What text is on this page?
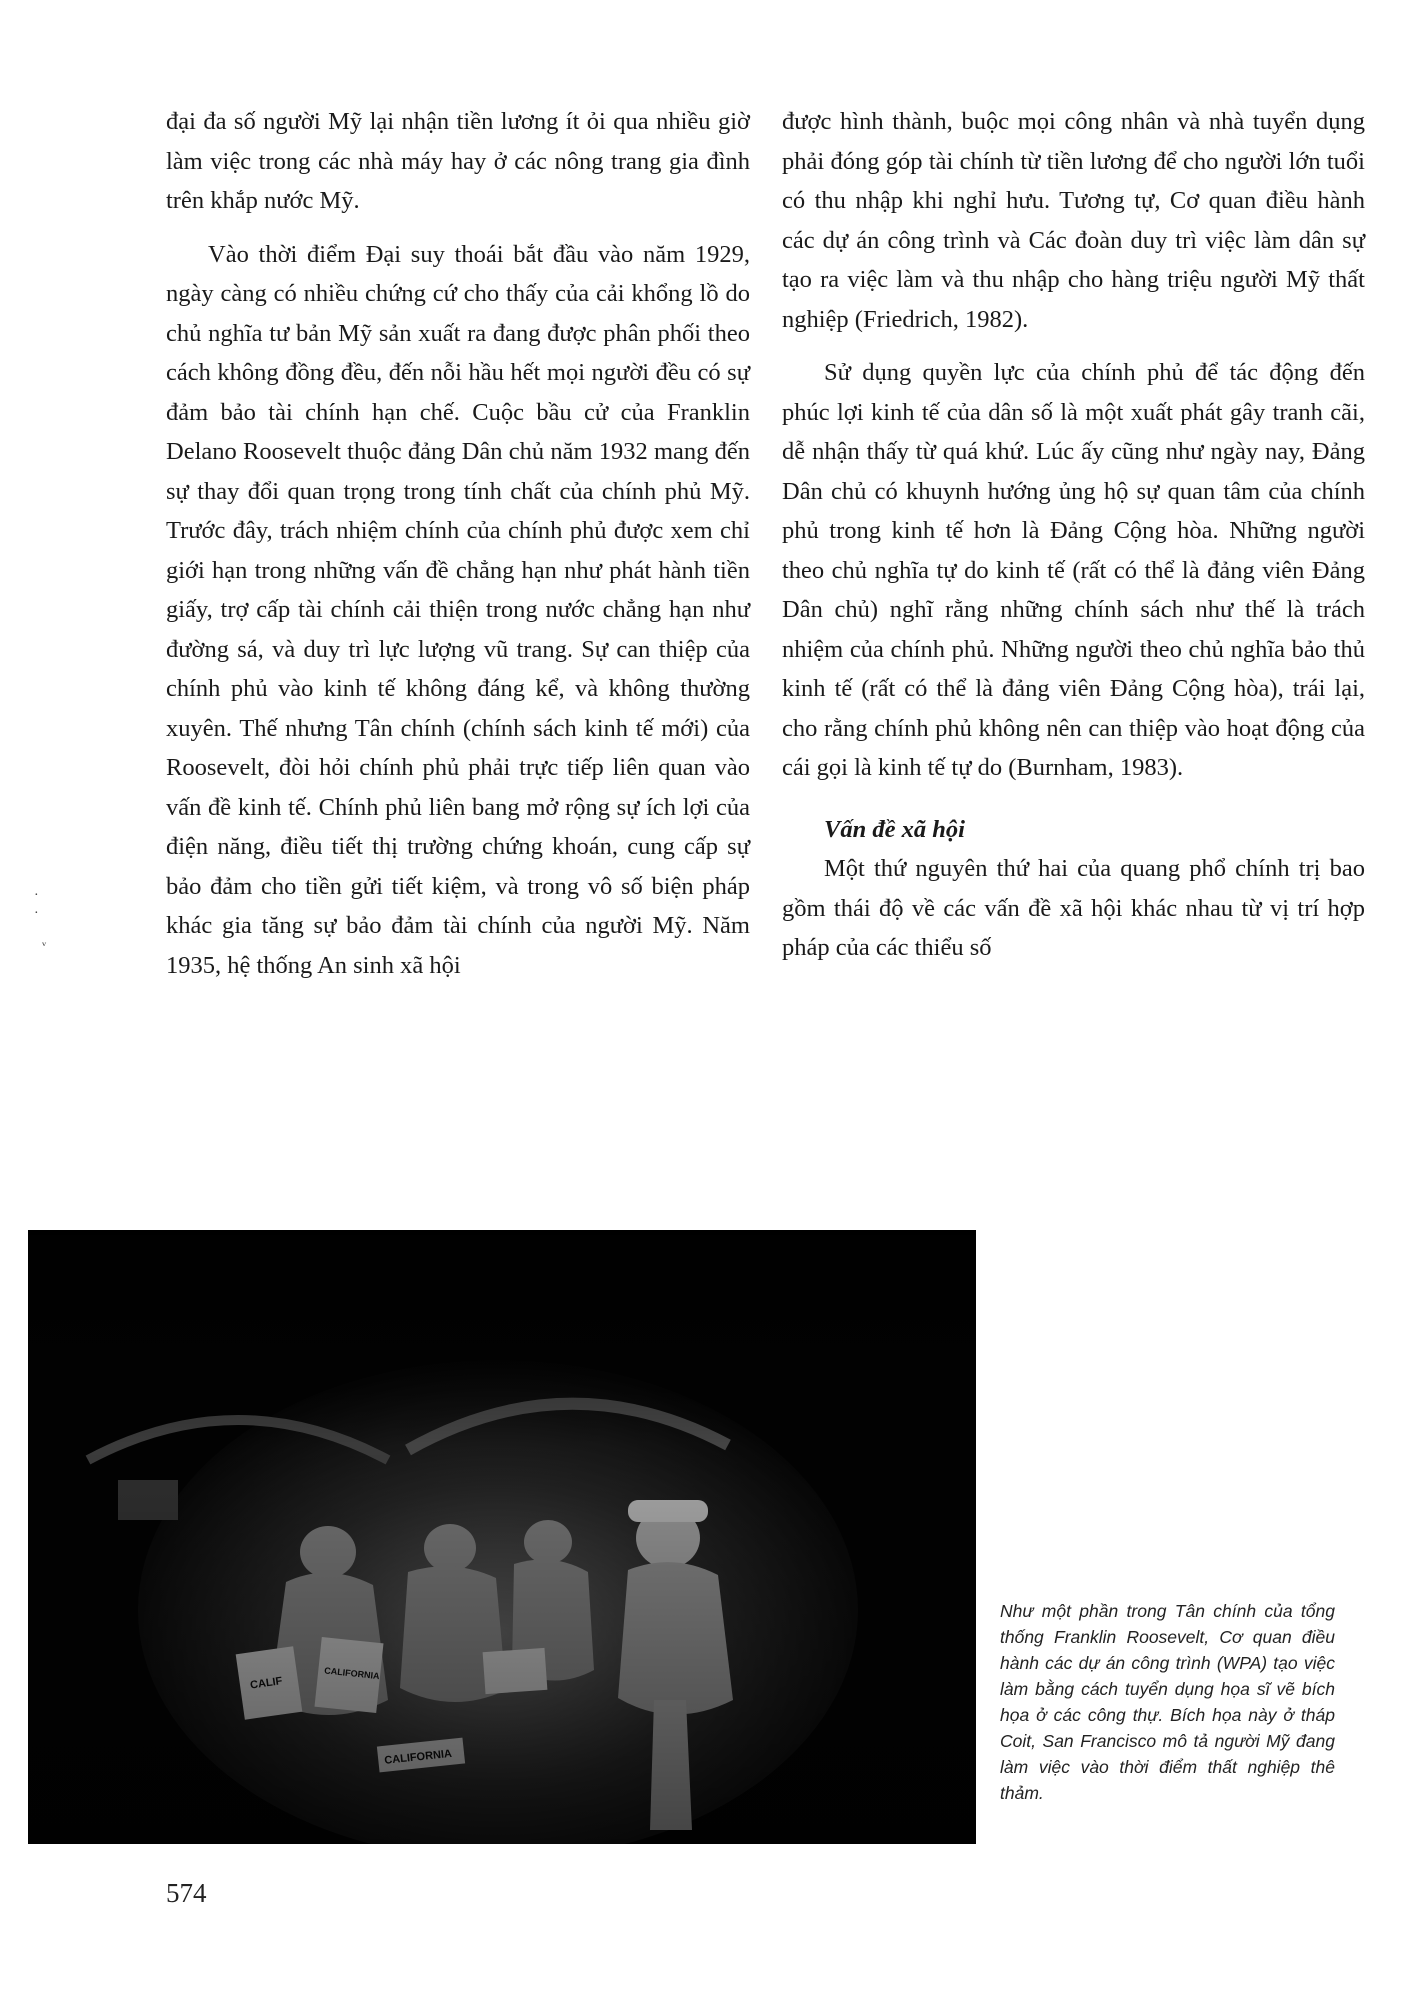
đại đa số người Mỹ lại nhận tiền lương ít ỏi qua nhiều giờ làm việc trong các nhà máy hay ở các nông trang gia đình trên khắp nước Mỹ.

Vào thời điểm Đại suy thoái bắt đầu vào năm 1929, ngày càng có nhiều chứng cứ cho thấy của cải khổng lồ do chủ nghĩa tư bản Mỹ sản xuất ra đang được phân phối theo cách không đồng đều, đến nỗi hầu hết mọi người đều có sự đảm bảo tài chính hạn chế. Cuộc bầu cử của Franklin Delano Roosevelt thuộc đảng Dân chủ năm 1932 mang đến sự thay đổi quan trọng trong tính chất của chính phủ Mỹ. Trước đây, trách nhiệm chính của chính phủ được xem chỉ giới hạn trong những vấn đề chẳng hạn như phát hành tiền giấy, trợ cấp tài chính cải thiện trong nước chẳng hạn như đường sá, và duy trì lực lượng vũ trang. Sự can thiệp của chính phủ vào kinh tế không đáng kể, và không thường xuyên. Thế nhưng Tân chính (chính sách kinh tế mới) của Roosevelt, đòi hỏi chính phủ phải trực tiếp liên quan vào vấn đề kinh tế. Chính phủ liên bang mở rộng sự ích lợi của điện năng, điều tiết thị trường chứng khoán, cung cấp sự bảo đảm cho tiền gửi tiết kiệm, và trong vô số biện pháp khác gia tăng sự bảo đảm tài chính của người Mỹ. Năm 1935, hệ thống An sinh xã hội

được hình thành, buộc mọi công nhân và nhà tuyển dụng phải đóng góp tài chính từ tiền lương để cho người lớn tuổi có thu nhập khi nghỉ hưu. Tương tự, Cơ quan điều hành các dự án công trình và Các đoàn duy trì việc làm dân sự tạo ra việc làm và thu nhập cho hàng triệu người Mỹ thất nghiệp (Friedrich, 1982).

Sử dụng quyền lực của chính phủ để tác động đến phúc lợi kinh tế của dân số là một xuất phát gây tranh cãi, dễ nhận thấy từ quá khứ. Lúc ấy cũng như ngày nay, Đảng Dân chủ có khuynh hướng ủng hộ sự quan tâm của chính phủ trong kinh tế hơn là Đảng Cộng hòa. Những người theo chủ nghĩa tự do kinh tế (rất có thể là đảng viên Đảng Dân chủ) nghĩ rằng những chính sách như thế là trách nhiệm của chính phủ. Những người theo chủ nghĩa bảo thủ kinh tế (rất có thể là đảng viên Đảng Cộng hòa), trái lại, cho rằng chính phủ không nên can thiệp vào hoạt động của cái gọi là kinh tế tự do (Burnham, 1983).

Vấn đề xã hội

Một thứ nguyên thứ hai của quang phổ chính trị bao gồm thái độ về các vấn đề xã hội khác nhau từ vị trí hợp pháp của các thiểu số

·
·
ᵥ
Như một phần trong Tân chính của tổng thống Franklin Roosevelt, Cơ quan điều hành các dự án công trình (WPA) tạo việc làm bằng cách tuyển dụng họa sĩ vẽ bích họa ở các công thự. Bích họa này ở tháp Coit, San Francisco mô tả người Mỹ đang làm việc vào thời điểm thất nghiệp thê thảm.
574
